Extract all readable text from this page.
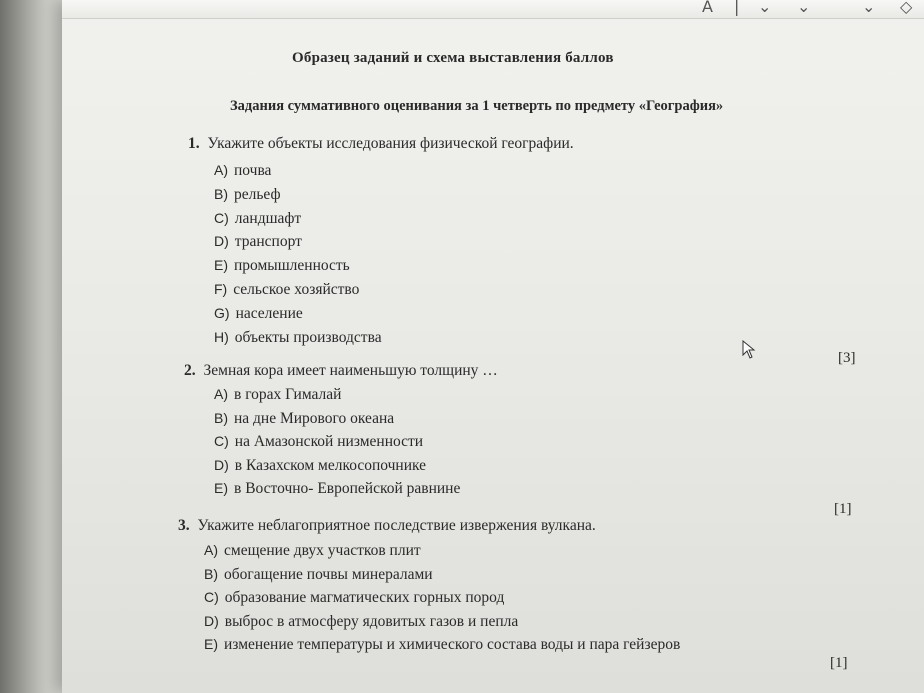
A | ⌄ ⌄	⌄ ◇
Образец заданий и схема выставления баллов
Задания суммативного оценивания за 1 четверть по предмету «География»
1. Укажите объекты исследования физической географии.
A) почва
B) рельеф
C) ландшафт
D) транспорт
E) промышленность
F) сельское хозяйство
G) население
H) объекты производства
[3]
2. Земная кора имеет наименьшую толщину …
A) в горах Гималай
B) на дне Мирового океана
C) на Амазонской низменности
D) в Казахском мелкосопочнике
E) в Восточно- Европейской равнине
[1]
3. Укажите неблагоприятное последствие извержения вулкана.
A) смещение двух участков плит
B) обогащение почвы минералами
C) образование магматических горных пород
D) выброс в атмосферу ядовитых газов и пепла
E) изменение температуры и химического состава воды и пара гейзеров
[1]
